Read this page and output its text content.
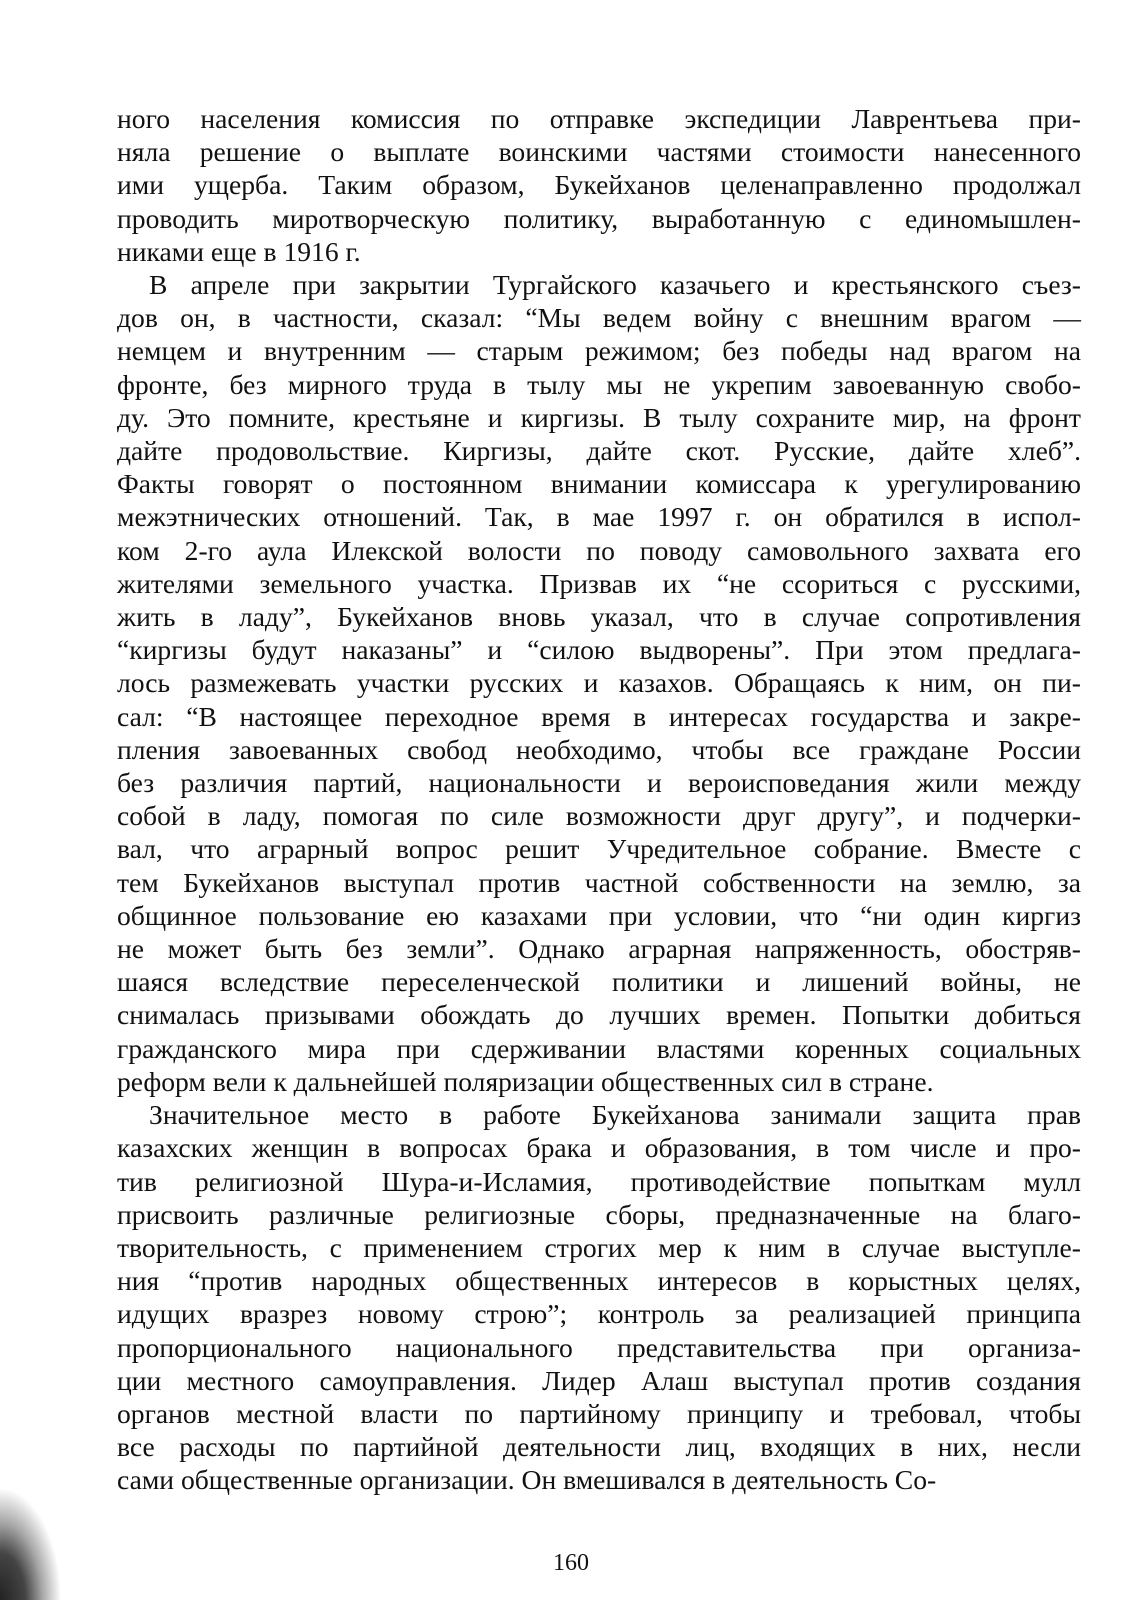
ного населения комиссия по отправке экспедиции Лаврентьева при-
няла решение о выплате воинскими частями стоимости нанесенного
ими ущерба. Таким образом, Букейханов целенаправленно продолжал
проводить миротворческую политику, выработанную с единомышлен-
никами еще в 1916 г.
В апреле при закрытии Тургайского казачьего и крестьянского съез-
дов он, в частности, сказал: “Мы ведем войну с внешним врагом —
немцем и внутренним — старым режимом; без победы над врагом на
фронте, без мирного труда в тылу мы не укрепим завоеванную свобо-
ду. Это помните, крестьяне и киргизы. В тылу сохраните мир, на фронт
дайте продовольствие. Киргизы, дайте скот. Русские, дайте хлеб”.
Факты говорят о постоянном внимании комиссара к урегулированию
межэтнических отношений. Так, в мае 1997 г. он обратился в испол-
ком 2-го аула Илекской волости по поводу самовольного захвата его
жителями земельного участка. Призвав их “не ссориться с русскими,
жить в ладу”, Букейханов вновь указал, что в случае сопротивления
“киргизы будут наказаны” и “силою выдворены”. При этом предлага-
лось размежевать участки русских и казахов. Обращаясь к ним, он пи-
сал: “В настоящее переходное время в интересах государства и закре-
пления завоеванных свобод необходимо, чтобы все граждане России
без различия партий, национальности и вероисповедания жили между
собой в ладу, помогая по силе возможности друг другу”, и подчерки-
вал, что аграрный вопрос решит Учредительное собрание. Вместе с
тем Букейханов выступал против частной собственности на землю, за
общинное пользование ею казахами при условии, что “ни один киргиз
не может быть без земли”. Однако аграрная напряженность, обостряв-
шаяся вследствие переселенческой политики и лишений войны, не
снималась призывами обождать до лучших времен. Попытки добиться
гражданского мира при сдерживании властями коренных социальных
реформ вели к дальнейшей поляризации общественных сил в стране.
Значительное место в работе Букейханова занимали защита прав
казахских женщин в вопросах брака и образования, в том числе и про-
тив религиозной Шура-и-Исламия, противодействие попыткам мулл
присвоить различные религиозные сборы, предназначенные на благо-
творительность, с применением строгих мер к ним в случае выступле-
ния “против народных общественных интересов в корыстных целях,
идущих вразрез новому строю”; контроль за реализацией принципа
пропорционального национального представительства при организа-
ции местного самоуправления. Лидер Алаш выступал против создания
органов местной власти по партийному принципу и требовал, чтобы
все расходы по партийной деятельности лиц, входящих в них, несли
сами общественные организации. Он вмешивался в деятельность Со-
160
